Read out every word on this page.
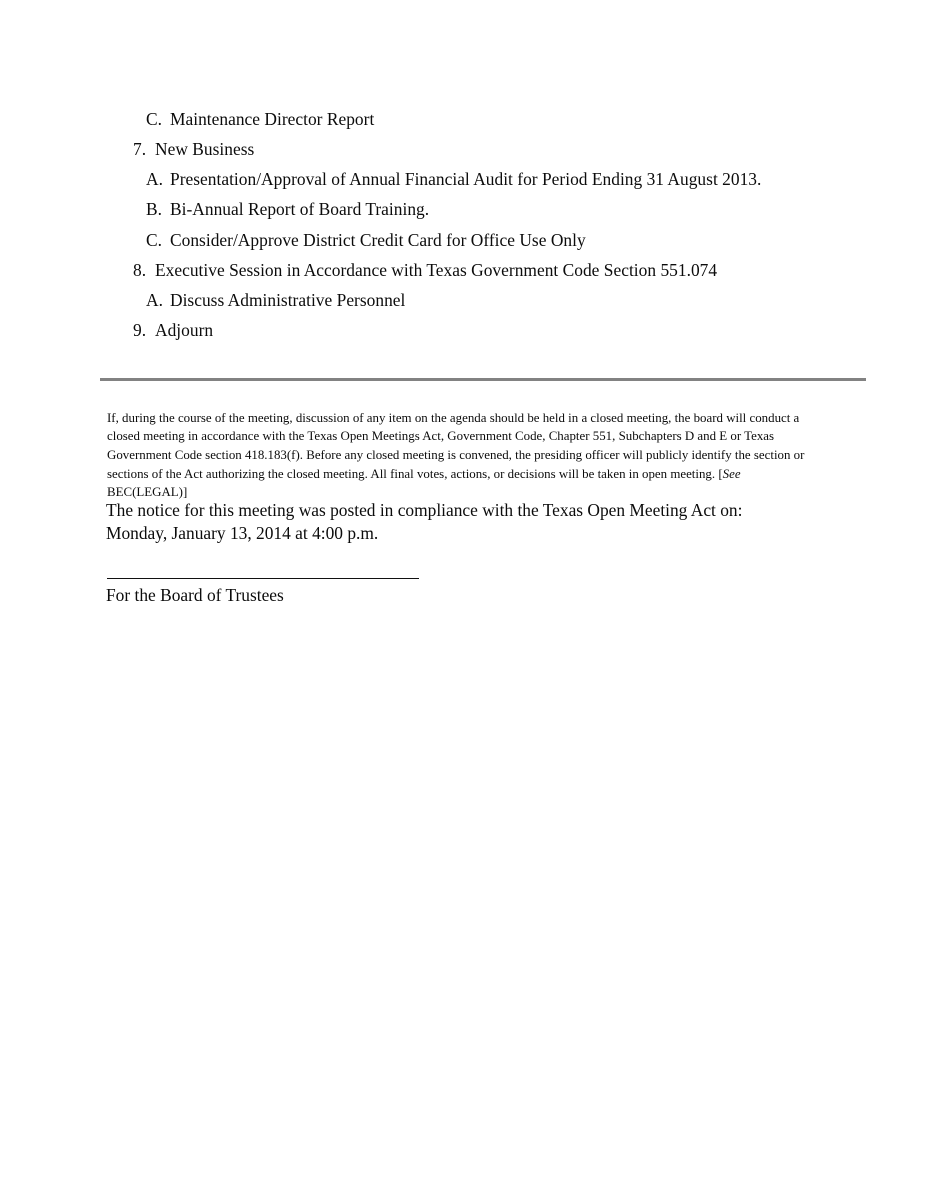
C. Maintenance Director Report
7. New Business
A. Presentation/Approval of Annual Financial Audit for Period Ending 31 August 2013.
B. Bi-Annual Report of Board Training.
C. Consider/Approve District Credit Card for Office Use Only
8. Executive Session in Accordance with Texas Government Code Section 551.074
A. Discuss Administrative Personnel
9. Adjourn

If, during the course of the meeting, discussion of any item on the agenda should be held in a closed meeting, the board will conduct a closed meeting in accordance with the Texas Open Meetings Act, Government Code, Chapter 551, Subchapters D and E or Texas Government Code section 418.183(f). Before any closed meeting is convened, the presiding officer will publicly identify the section or sections of the Act authorizing the closed meeting. All final votes, actions, or decisions will be taken in open meeting. [See BEC(LEGAL)]

The notice for this meeting was posted in compliance with the Texas Open Meeting Act on:
Monday, January 13, 2014 at 4:00 p.m.
For the Board of Trustees
